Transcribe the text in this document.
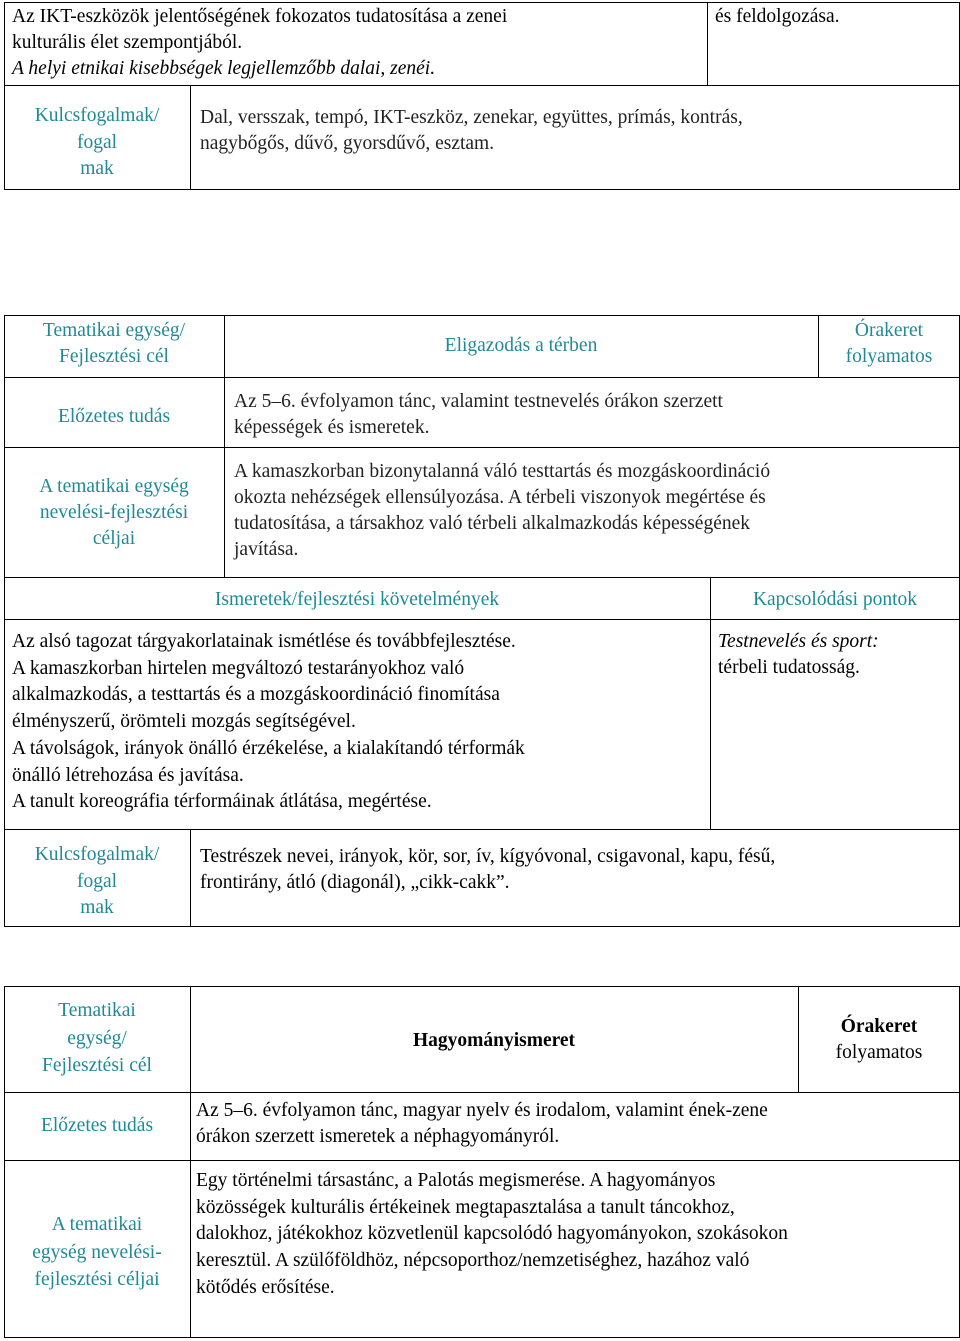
Az IKT-eszközök jelentőségének fokozatos tudatosítása a zenei

kulturális élet szempontjából.

A helyi etnikai kisebbségek legjellemzőbb dalai, zenéi.

és feldolgozása.

Kulcsfogalmak/

fogal

mak

Dal, versszak, tempó, IKT-eszköz, zenekar, együttes, prímás, kontrás,

nagybőgős, dűvő, gyorsdűvő, esztam.

Tematikai egység/

Fejlesztési cél

Eligazodás a térben

Órakeret

folyamatos

Előzetes tudás

Az 5–6. évfolyamon tánc, valamint testnevelés órákon szerzett

képességek és ismeretek.

A tematikai egység

nevelési-fejlesztési

céljai

A kamaszkorban bizonytalanná váló testtartás és mozgáskoordináció

okozta nehézségek ellensúlyozása. A térbeli viszonyok megértése és

tudatosítása, a társakhoz való térbeli alkalmazkodás képességének

javítása.

Ismeretek/fejlesztési követelmények	Kapcsolódási pontok

Az alsó tagozat tárgyakorlatainak ismétlése és továbbfejlesztése.

A kamaszkorban hirtelen megváltozó testarányokhoz való

alkalmazkodás, a testtartás és a mozgáskoordináció finomítása

élményszerű, örömteli mozgás segítségével.

A távolságok, irányok önálló érzékelése, a kialakítandó térformák

önálló létrehozása és javítása.

A tanult koreográfia térformáinak átlátása, megértése.

Testnevelés és sport:

térbeli tudatosság.

Kulcsfogalmak/

fogal

mak

Testrészek nevei, irányok, kör, sor, ív, kígyóvonal, csigavonal, kapu, fésű,

frontirány, átló (diagonál), „cikk-cakk”.

Tematikai

egység/

Fejlesztési cél

Hagyományismeret

Órakeret

folyamatos

Előzetes tudás

Az 5–6. évfolyamon tánc, magyar nyelv és irodalom, valamint ének-zene

órákon szerzett ismeretek a néphagyományról.

A tematikai

egység nevelési-

fejlesztési céljai

Egy történelmi társastánc, a Palotás megismerése. A hagyományos

közösségek kulturális értékeinek megtapasztalása a tanult táncokhoz,

dalokhoz, játékokhoz közvetlenül kapcsolódó hagyományokon, szokásokon

keresztül. A szülőföldhöz, népcsoporthoz/nemzetiséghez, hazához való

kötődés erősítése.
